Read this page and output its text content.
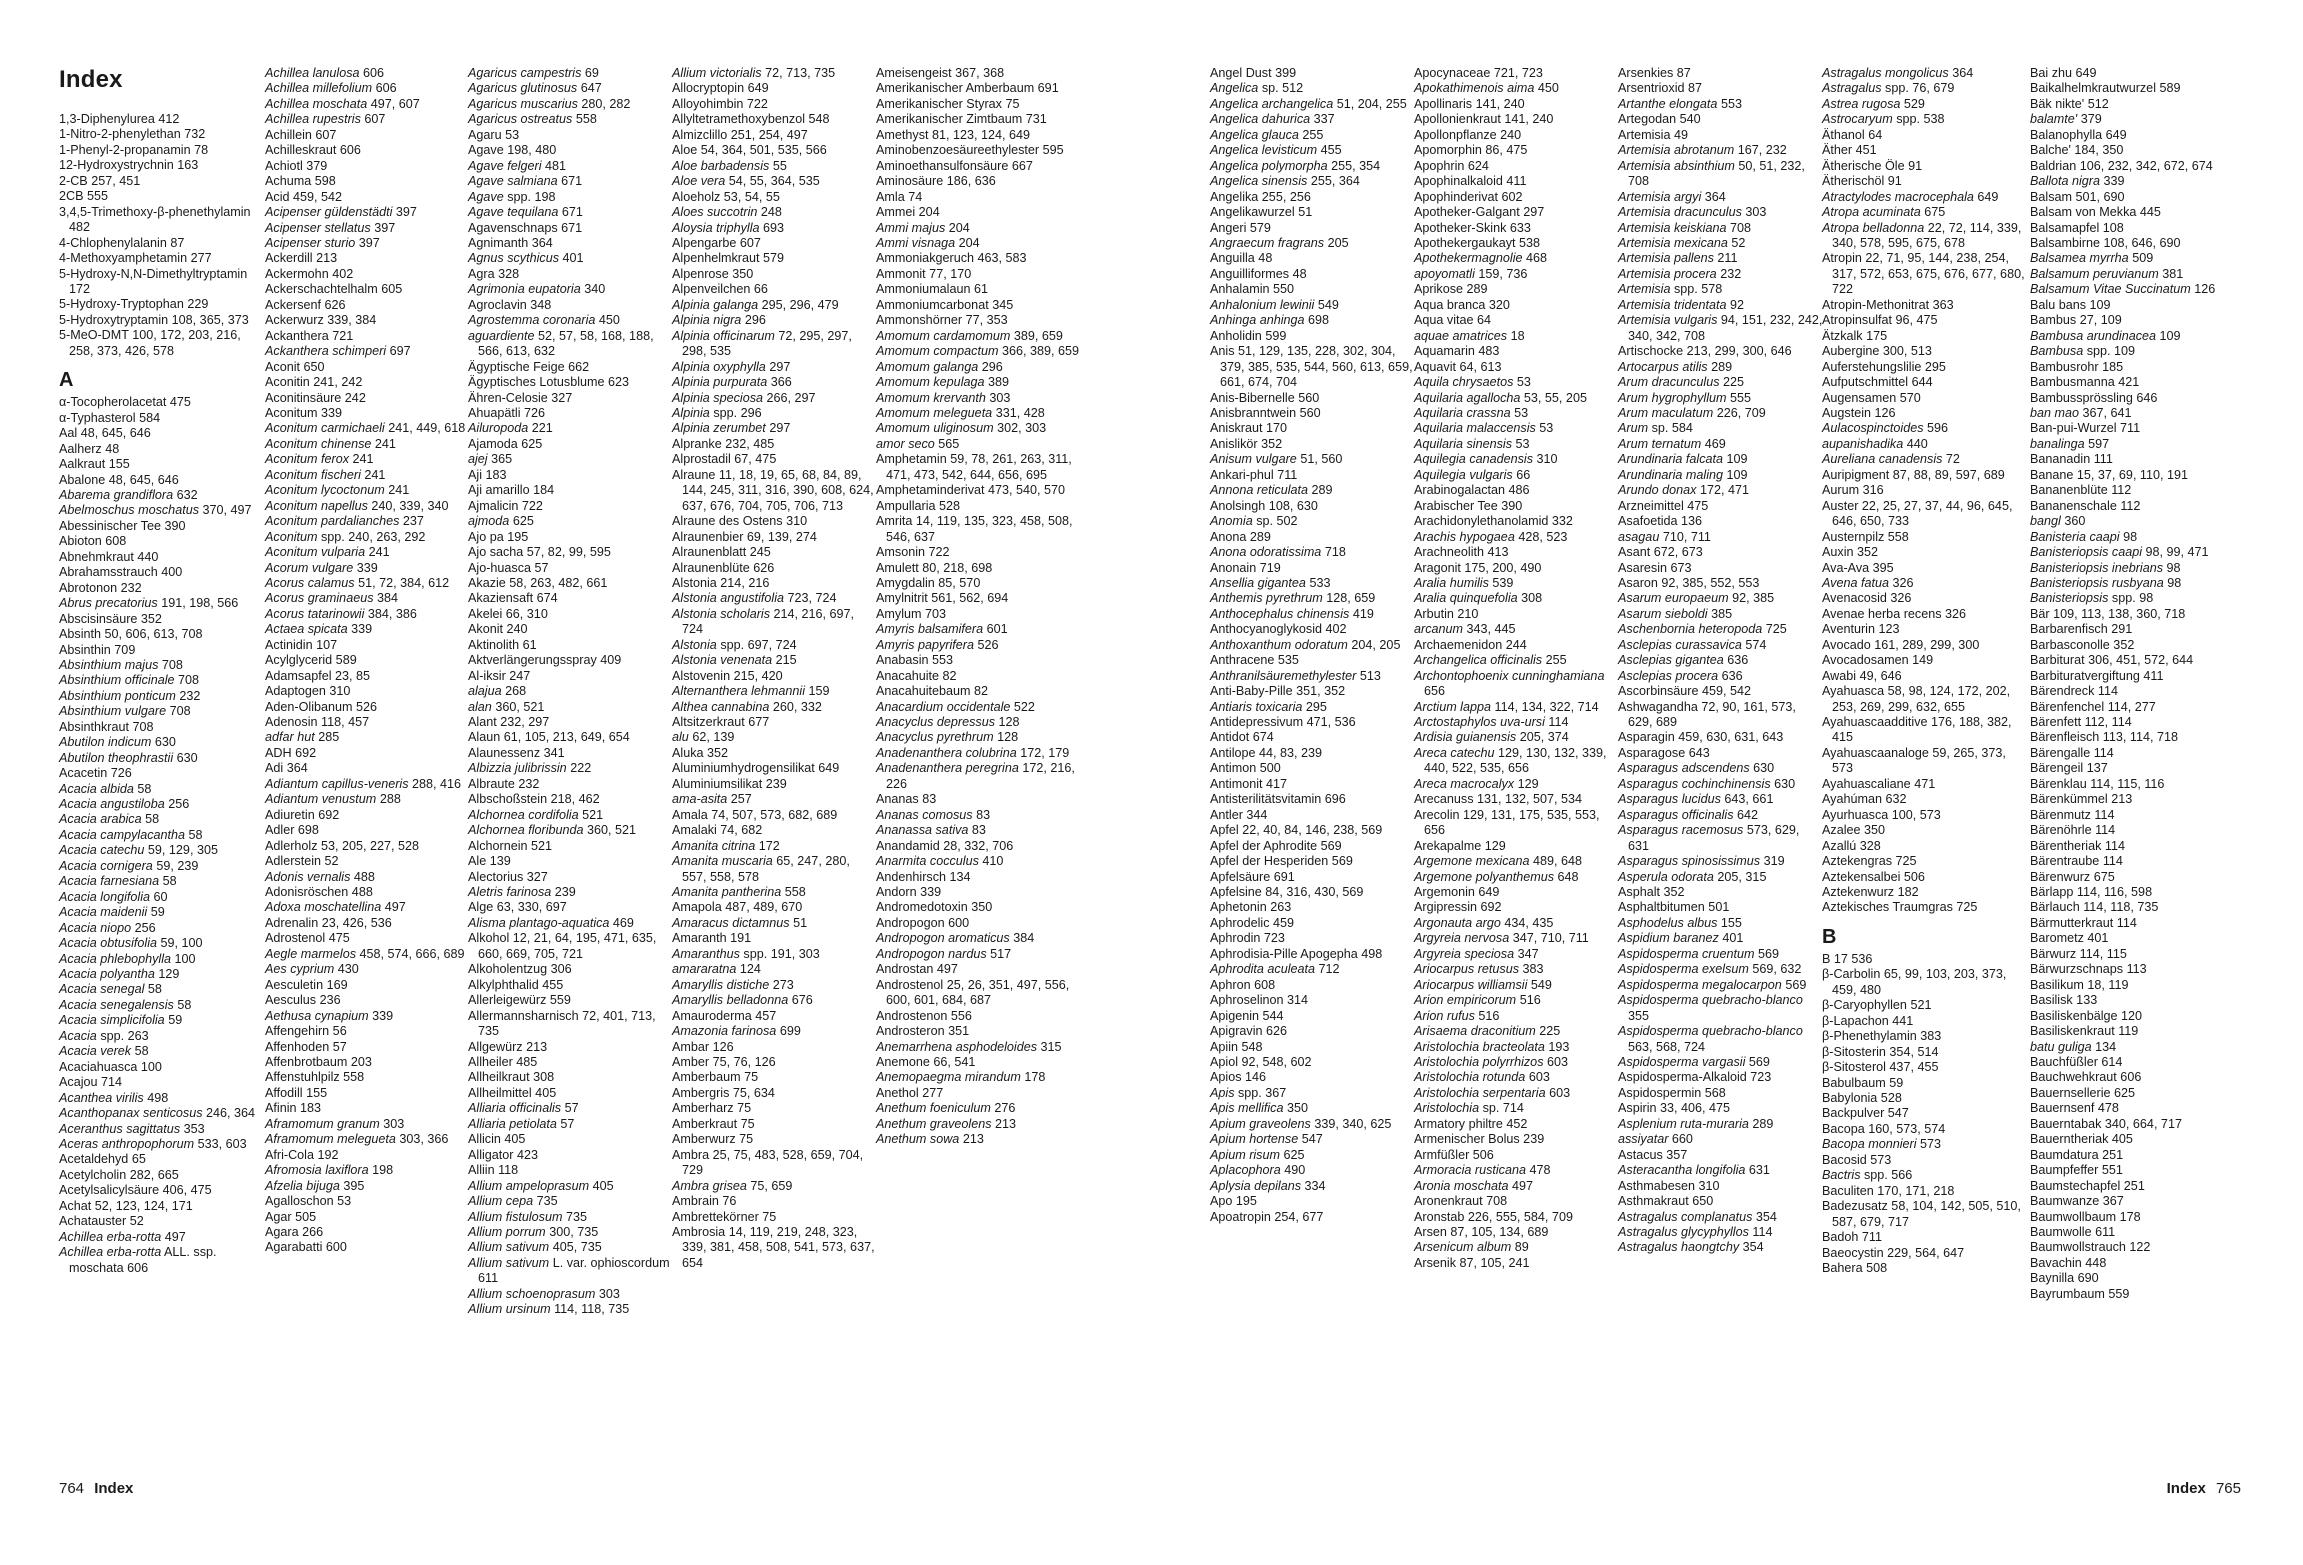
Index

1,3-Diphenylurea 412

1-Nitro-2-phenylethan 732

1-Phenyl-2-propanamin 78

12-Hydroxystrychnin 163

2-CB 257, 451

2CB 555

3,4,5-Trimethoxy-β-phenethylamin 482

4-Chlophenylalanin 87

4-Methoxyamphetamin 277

5-Hydroxy-N,N-Dimethyltryptamin 172

5-Hydroxy-Tryptophan 229

5-Hydroxytryptamin 108, 365, 373

5-MeO-DMT 100, 172, 203, 216, 258, 373, 426, 578

A

α-Tocopherolacetat 475

α-Typhasterol 584

Aal 48, 645, 646

Aalherz 48

Aalkraut 155

Abalone 48, 645, 646

Abarema grandiflora 632

Abelmoschus moschatus 370, 497

Abessinischer Tee 390

Abioton 608

Abnehmkraut 440

Abrahamsstrauch 400

Abrotonon 232

Abrus precatorius 191, 198, 566

Abscisinsäure 352

Absinth 50, 606, 613, 708

Absinthin 709

Absinthium majus 708

Absinthium officinale 708

Absinthium ponticum 232

Absinthium vulgare 708

Absinthkraut 708

Abutilon indicum 630

Abutilon theophrastii 630

Acacetin 726

Acacia albida 58

Acacia angustiloba 256

Acacia arabica 58

Acacia campylacantha 58

Acacia catechu 59, 129, 305

Acacia cornigera 59, 239

Acacia farnesiana 58

Acacia longifolia 60

Acacia maidenii 59

Acacia niopo 256

Acacia obtusifolia 59, 100

Acacia phlebophylla 100

Acacia polyantha 129

Acacia senegal 58

Acacia senegalensis 58

Acacia simplicifolia 59

Acacia spp. 263

Acacia verek 58

Acaciahuasca 100

Acajou 714

Acanthea virilis 498

Acanthopanax senticosus 246, 364

Aceranthus sagittatus 353

Aceras anthropophorum 533, 603

Acetaldehyd 65

Acetylcholin 282, 665

Acetylsalicylsäure 406, 475

Achat 52, 123, 124, 171

Achatauster 52

Achillea erba-rotta 497

Achillea erba-rotta ALL. ssp. moschata 606

Achillea lanulosa 606

Achillea millefolium 606

Achillea moschata 497, 607

Achillea rupestris 607

Achillein 607

Achilleskraut 606

Achiotl 379

Achuma 598

Acid 459, 542

Acipenser güldenstädti 397

Acipenser stellatus 397

Acipenser sturio 397

Ackerdill 213

Ackermohn 402

Ackerschachtelhalm 605

Ackersenf 626

Ackerwurz 339, 384

Ackanthera 721

Ackanthera schimperi 697

Aconit 650

Aconitin 241, 242

Aconitinsäure 242

Aconitum 339

Aconitum carmichaeli 241, 449, 618

Aconitum chinense 241

Aconitum ferox 241

Aconitum fischeri 241

Aconitum lycoctonum 241

Aconitum napellus 240, 339, 340

Aconitum pardalianches 237

Aconitum spp. 240, 263, 292

Aconitum vulparia 241

Acorum vulgare 339

Acorus calamus 51, 72, 384, 612

Acorus graminaeus 384

Acorus tatarinowii 384, 386

Actaea spicata 339

Actinidin 107

Acylglycerid 589

Adamsapfel 23, 85

Adaptogen 310

Aden-Olibanum 526

Adenosin 118, 457

adfar hut 285

ADH 692

Adi 364

Adiantum capillus-veneris 288, 416

Adiantum venustum 288

Adiuretin 692

Adler 698

Adlerholz 53, 205, 227, 528

Adlerstein 52

Adonis vernalis 488

Adonisröschen 488

Adoxa moschatellina 497

Adrenalin 23, 426, 536

Adrostenol 475

Aegle marmelos 458, 574, 666, 689

Aes cyprium 430

Aesculetin 169

Aesculus 236

Aethusa cynapium 339

Affengehirn 56

Affenhoden 57

Affenbrotbaum 203

Affenstuhlpilz 558

Affodill 155

Afinin 183

Aframomum granum 303

Aframomum melegueta 303, 366

Afri-Cola 192

Afromosia laxiflora 198

Afzelia bijuga 395

Agalloschon 53

Agar 505

Agara 266

Agarabatti 600

Agaricus campestris 69

Agaricus glutinosus 647

Agaricus muscarius 280, 282

Agaricus ostreatus 558

Agaru 53

Agave 198, 480

Agave felgeri 481

Agave salmiana 671

Agave spp. 198

Agave tequilana 671

Agavenschnaps 671

Agnimanth 364

Agnus scythicus 401

Agra 328

Agrimonia eupatoria 340

Agroclavin 348

Agrostemma coronaria 450

aguardiente 52, 57, 58, 168, 188, 566, 613, 632

Ägyptische Feige 662

Ägyptisches Lotusblume 623

Ähren-Celosie 327

Ahuapätli 726

Ailuropoda 221

Ajamoda 625

ajej 365

Aji 183

Aji amarillo 184

Ajmalicin 722

ajmoda 625

Ajo pa 195

Ajo sacha 57, 82, 99, 595

Ajo-huasca 57

Akazie 58, 263, 482, 661

Akaziensaft 674

Akelei 66, 310

Akonit 240

Aktinolith 61

Aktverlängerungsspray 409

Al-iksir 247

alajua 268

alan 360, 521

Alant 232, 297

Alaun 61, 105, 213, 649, 654

Alaunessenz 341

Albizzia julibrissin 222

Albraute 232

Albschoßstein 218, 462

Alchornea cordifolia 521

Alchornea floribunda 360, 521

Alchornein 521

Ale 139

Alectorius 327

Aletris farinosa 239

Alge 63, 330, 697

Alisma plantago-aquatica 469

Alkohol 12, 21, 64, 195, 471, 635, 660, 669, 705, 721

Alkoholentzug 306

Alkylphthalid 455

Allerleigewürz 559

Allermannsharnisch 72, 401, 713, 735

Allgewürz 213

Allheiler 485

Allheilkraut 308

Allheilmittel 405

Alliaria officinalis 57

Alliaria petiolata 57

Allicin 405

Alligator 423

Alliin 118

Allium ampeloprasum 405

Allium cepa 735

Allium fistulosum 735

Allium porrum 300, 735

Allium sativum 405, 735

Allium sativum L. var. ophioscordum 611

Allium schoenoprasum 303

Allium ursinum 114, 118, 735

Allium victorialis 72, 713, 735

Allocryptopin 649

Alloyohimbin 722

Allyltetramethoxybenzol 548

Almizclillo 251, 254, 497

Aloe 54, 364, 501, 535, 566

Aloe barbadensis 55

Aloe vera 54, 55, 364, 535

Aloeholz 53, 54, 55

Aloes succotrin 248

Aloysia triphylla 693

Alpengarbe 607

Alpenhelmkraut 579

Alpenrose 350

Alpenveilchen 66

Alpinia galanga 295, 296, 479

Alpinia nigra 296

Alpinia officinarum 72, 295, 297, 298, 535

Alpinia oxyphylla 297

Alpinia purpurata 366

Alpinia speciosa 266, 297

Alpinia spp. 296

Alpinia zerumbet 297

Alpranke 232, 485

Alprostadil 67, 475

Alraune 11, 18, 19, 65, 68, 84, 89, 144, 245, 311, 316, 390, 608, 624, 637, 676, 704, 705, 706, 713

Alraune des Ostens 310

Alraunenbier 69, 139, 274

Alraunenblatt 245

Alraunenblüte 626

Alstonia 214, 216

Alstonia angustifolia 723, 724

Alstonia scholaris 214, 216, 697, 724

Alstonia spp. 697, 724

Alstonia venenata 215

Alstovenin 215, 420

Alternanthera lehmannii 159

Althea cannabina 260, 332

Altsitzerkraut 677

alu 62, 139

Aluka 352

Aluminiumhydrogensilikat 649

Aluminiumsilikat 239

ama-asita 257

Amala 74, 507, 573, 682, 689

Amalaki 74, 682

Amanita citrina 172

Amanita muscaria 65, 247, 280, 557, 558, 578

Amanita pantherina 558

Amapola 487, 489, 670

Amaracus dictamnus 51

Amaranth 191

Amaranthus spp. 191, 303

amararatna 124

Amaryllis distiche 273

Amaryllis belladonna 676

Amauroderma 457

Amazonia farinosa 699

Ambar 126

Amber 75, 76, 126

Amberbaum 75

Ambergris 75, 634

Amberharz 75

Amberkraut 75

Amberwurz 75

Ambra 25, 75, 483, 528, 659, 704, 729

Ambra grisea 75, 659

Ambrain 76

Ambrettekörner 75

Ambrosia 14, 119, 219, 248, 323, 339, 381, 458, 508, 541, 573, 637, 654

Ameisengeist 367, 368

Amerikanischer Amberbaum 691

Amerikanischer Styrax 75

Amerikanischer Zimtbaum 731

Amethyst 81, 123, 124, 649

Aminobenzoesäureethylester 595

Aminoethansulfonsäure 667

Aminosäure 186, 636

Amla 74

Ammei 204

Ammi majus 204

Ammi visnaga 204

Ammoniakgeruch 463, 583

Ammonit 77, 170

Ammoniumalaun 61

Ammoniumcarbonat 345

Ammonshörner 77, 353

Amomum cardamomum 389, 659

Amomum compactum 366, 389, 659

Amomum galanga 296

Amomum kepulaga 389

Amomum krervanth 303

Amomum melegueta 331, 428

Amomum uliginosum 302, 303

amor seco 565

Amphetamin 59, 78, 261, 263, 311, 471, 473, 542, 644, 656, 695

Amphetaminderivat 473, 540, 570

Ampullaria 528

Amrita 14, 119, 135, 323, 458, 508, 546, 637

Amsonin 722

Amulett 80, 218, 698

Amygdalin 85, 570

Amylnitrit 561, 562, 694

Amylum 703

Amyris balsamifera 601

Amyris papyrifera 526

Anabasin 553

Anacahuite 82

Anacahuitebaum 82

Anacardium occidentale 522

Anacyclus depressus 128

Anacyclus pyrethrum 128

Anadenanthera colubrina 172, 179

Anadenanthera peregrina 172, 216, 226

Ananas 83

Ananas comosus 83

Ananassa sativa 83

Anandamid 28, 332, 706

Anarmita cocculus 410

Andenhirsch 134

Andorn 339

Andromedotoxin 350

Andropogon 600

Andropogon aromaticus 384

Andropogon nardus 517

Androstan 497

Androstenol 25, 26, 351, 497, 556, 600, 601, 684, 687

Androstenon 556

Androsteron 351

Anemarrhena asphodeloides 315

Anemone 66, 541

Anemopaegma mirandum 178

Anethol 277

Anethum foeniculum 276

Anethum graveolens 213

Anethum sowa 213

Angel Dust 399

Angelica sp. 512

Angelica archangelica 51, 204, 255

Angelica dahurica 337

Angelica glauca 255

Angelica levisticum 455

Angelica polymorpha 255, 354

Angelica sinensis 255, 364

Angelika 255, 256

Angelikawurzel 51

Angeri 579

Angraecum fragrans 205

Anguilla 48

Anguilliformes 48

Anhalamin 550

Anhalonium lewinii 549

Anhinga anhinga 698

Anholidin 599

Anis 51, 129, 135, 228, 302, 304, 379, 385, 535, 544, 560, 613, 659, 661, 674, 704

Anis-Bibernelle 560

Anisbranntwein 560

Aniskraut 170

Anislikör 352

Anisum vulgare 51, 560

Ankari-phul 711

Annona reticulata 289

Anolsingh 108, 630

Anomia sp. 502

Anona 289

Anona odoratissima 718

Anonain 719

Ansellia gigantea 533

Anthemis pyrethrum 128, 659

Anthocephalus chinensis 419

Anthocyanoglykosid 402

Anthoxanthum odoratum 204, 205

Anthracene 535

Anthranilsäuremethylester 513

Anti-Baby-Pille 351, 352

Antiaris toxicaria 295

Antidepressivum 471, 536

Antidot 674

Antilope 44, 83, 239

Antimon 500

Antimonit 417

Antisterilitätsvitamin 696

Antler 344

Apfel 22, 40, 84, 146, 238, 569

Apfel der Aphrodite 569

Apfel der Hesperiden 569

Apfelsäure 691

Apfelsine 84, 316, 430, 569

Aphetonin 263

Aphrodelic 459

Aphrodin 723

Aphrodisia-Pille Apogepha 498

Aphrodita aculeata 712

Aphron 608

Aphroselinon 314

Apigenin 544

Apigravin 626

Apiin 548

Apiol 92, 548, 602

Apios 146

Apis spp. 367

Apis mellifica 350

Apium graveolens 339, 340, 625

Apium hortense 547

Apium risum 625

Aplacophora 490

Aplysia depilans 334

Apo 195

Apoatropin 254, 677

Apocynaceae 721, 723

Apokathimenois aima 450

Apollinaris 141, 240

Apollonienkraut 141, 240

Apollonpflanze 240

Apomorphin 86, 475

Apophrin 624

Apophinalkaloid 411

Apophinderivat 602

Apotheker-Galgant 297

Apotheker-Skink 633

Apothekergaukayt 538

Apothekermagnolie 468

apoyomatli 159, 736

Aprikose 289

Aqua branca 320

Aqua vitae 64

aquae amatrices 18

Aquamarin 483

Aquavit 64, 613

Aquila chrysaetos 53

Aquilaria agallocha 53, 55, 205

Aquilaria crassna 53

Aquilaria malaccensis 53

Aquilaria sinensis 53

Aquilegia canadensis 310

Aquilegia vulgaris 66

Arabinogalactan 486

Arabischer Tee 390

Arachidonylethanolamid 332

Arachis hypogaea 428, 523

Arachneolith 413

Aragonit 175, 200, 490

Aralia humilis 539

Aralia quinquefolia 308

Arbutin 210

arcanum 343, 445

Archaemenidon 244

Archangelica officinalis 255

Archontophoenix cunninghamiana 656

Arctium lappa 114, 134, 322, 714

Arctostaphylos uva-ursi 114

Ardisia guianensis 205, 374

Areca catechu 129, 130, 132, 339, 440, 522, 535, 656

Areca macrocalyx 129

Arecanuss 131, 132, 507, 534

Arecolin 129, 131, 175, 535, 553, 656

Arekapalme 129

Argemone mexicana 489, 648

Argemone polyanthemus 648

Argemonin 649

Argipressin 692

Argonauta argo 434, 435

Argyreia nervosa 347, 710, 711

Argyreia speciosa 347

Ariocarpus retusus 383

Ariocarpus williamsii 549

Arion empiricorum 516

Arion rufus 516

Arisaema draconitium 225

Aristolochia bracteolata 193

Aristolochia polyrrhizos 603

Aristolochia rotunda 603

Aristolochia serpentaria 603

Aristolochia sp. 714

Armatory philtre 452

Armenischer Bolus 239

Armfüßler 506

Armoracia rusticana 478

Aronia moschata 497

Aronenkraut 708

Aronstab 226, 555, 584, 709

Arsen 87, 105, 134, 689

Arsenicum album 89

Arsenik 87, 105, 241

Arsenkies 87

Arsentrioxid 87

Artanthe elongata 553

Artegodan 540

Artemisia 49

Artemisia abrotanum 167, 232

Artemisia absinthium 50, 51, 232, 708

Artemisia argyi 364

Artemisia dracunculus 303

Artemisia keiskiana 708

Artemisia mexicana 52

Artemisia pallens 211

Artemisia procera 232

Artemisia spp. 578

Artemisia tridentata 92

Artemisia vulgaris 94, 151, 232, 242, 340, 342, 708

Artischocke 213, 299, 300, 646

Artocarpus atilis 289

Arum dracunculus 225

Arum hygrophyllum 555

Arum maculatum 226, 709

Arum sp. 584

Arum ternatum 469

Arundinaria falcata 109

Arundinaria maling 109

Arundo donax 172, 471

Arzneimittel 475

Asafoetida 136

asagau 710, 711

Asant 672, 673

Asaresin 673

Asaron 92, 385, 552, 553

Asarum europaeum 92, 385

Asarum sieboldi 385

Aschenbornia heteropoda 725

Asclepias curassavica 574

Asclepias gigantea 636

Asclepias procera 636

Ascorbinsäure 459, 542

Ashwagandha 72, 90, 161, 573, 629, 689

Asparagin 459, 630, 631, 643

Asparagose 643

Asparagus adscendens 630

Asparagus cochinchinensis 630

Asparagus lucidus 643, 661

Asparagus officinalis 642

Asparagus racemosus 573, 629, 631

Asparagus spinosissimus 319

Asperula odorata 205, 315

Asphalt 352

Asphaltbitumen 501

Asphodelus albus 155

Aspidium baranez 401

Aspidosperma cruentum 569

Aspidosperma exelsum 569, 632

Aspidosperma megalocarpon 569

Aspidosperma quebracho-blanco 355

Aspidosperma quebracho-blanco 563, 568, 724

Aspidosperma vargasii 569

Aspidosperma-Alkaloid 723

Aspidospermin 568

Aspirin 33, 406, 475

Asplenium ruta-muraria 289

assiyatar 660

Astacus 357

Asteracantha longifolia 631

Asthmabesen 310

Asthmakraut 650

Astragalus complanatus 354

Astragalus glycyphyllos 114

Astragalus haongtchy 354

Astragalus mongolicus 364

Astragalus spp. 76, 679

Astrea rugosa 529

Astrocaryum spp. 538

Äthanol 64

Äther 451

Ätherische Öle 91

Ätherischöl 91

Atractylodes macrocephala 649

Atropa acuminata 675

Atropa belladonna 22, 72, 114, 339, 340, 578, 595, 675, 678

Atropin 22, 71, 95, 144, 238, 254, 317, 572, 653, 675, 676, 677, 680, 722

Atropin-Methonitrat 363

Atropinsulfat 96, 475

Ätzkalk 175

Aubergine 300, 513

Auferstehungslilie 295

Aufputschmittel 644

Augensamen 570

Augstein 126

Aulacospinctoides 596

aupanishadika 440

Aureliana canadensis 72

Auripigment 87, 88, 89, 597, 689

Aurum 316

Auster 22, 25, 27, 37, 44, 96, 645, 646, 650, 733

Austernpilz 558

Auxin 352

Ava-Ava 395

Avena fatua 326

Avenacosid 326

Avenae herba recens 326

Aventurin 123

Avocado 161, 289, 299, 300

Avocadosamen 149

Awabi 49, 646

Ayahuasca 58, 98, 124, 172, 202, 253, 269, 299, 632, 655

Ayahuascaadditive 176, 188, 382, 415

Ayahuascaanaloge 59, 265, 373, 573

Ayahuascaliane 471

Ayahúman 632

Ayurhuasca 100, 573

Azalee 350

Azallú 328

Aztekengras 725

Aztekensalbei 506

Aztekenwurz 182

Aztekisches Traumgras 725

B

B 17 536

β-Carbolin 65, 99, 103, 203, 373, 459, 480

β-Caryophyllen 521

β-Lapachon 441

β-Phenethylamin 383

β-Sitosterin 354, 514

β-Sitosterol 437, 455

Babulbaum 59

Babylonia 528

Backpulver 547

Bacopa 160, 573, 574

Bacopa monnieri 573

Bacosid 573

Bactris spp. 566

Baculiten 170, 171, 218

Badezusatz 58, 104, 142, 505, 510, 587, 679, 717

Badoh 711

Baeocystin 229, 564, 647

Bahera 508

Bai zhu 649

Baikalhelmkrautwurzel 589

Bäk nikte' 512

balamte' 379

Balanophylla 649

Balche' 184, 350

Baldrian 106, 232, 342, 672, 674

Ballota nigra 339

Balsam 501, 690

Balsam von Mekka 445

Balsamapfel 108

Balsambirne 108, 646, 690

Balsamea myrrha 509

Balsamum peruvianum 381

Balsamum Vitae Succinatum 126

Balu bans 109

Bambus 27, 109

Bambusa arundinacea 109

Bambusa spp. 109

Bambusrohr 185

Bambusmanna 421

Bambussprössling 646

ban mao 367, 641

Ban-pui-Wurzel 711

banalinga 597

Bananadin 111

Banane 15, 37, 69, 110, 191

Bananenblüte 112

Bananenschale 112

bangl 360

Banisteria caapi 98

Banisteriopsis caapi 98, 99, 471

Banisteriopsis inebrians 98

Banisteriopsis rusbyana 98

Banisteriopsis spp. 98

Bär 109, 113, 138, 360, 718

Barbarenfisch 291

Barbasconolle 352

Barbiturat 306, 451, 572, 644

Barbituratvergiftung 411

Bärendreck 114

Bärenfenchel 114, 277

Bärenfett 112, 114

Bärenfleisch 113, 114, 718

Bärengalle 114

Bärengeil 137

Bärenklau 114, 115, 116

Bärenkümmel 213

Bärenmutz 114

Bärenöhrle 114

Bärentheriak 114

Bärentraube 114

Bärenwurz 675

Bärlapp 114, 116, 598

Bärlauch 114, 118, 735

Bärmutterkraut 114

Barometz 401

Bärwurz 114, 115

Bärwurzschnaps 113

Basilikum 18, 119

Basilisk 133

Basiliskenbälge 120

Basiliskenkraut 119

batu guliga 134

Bauchfüßler 614

Bauchwehkraut 606

Bauernsellerie 625

Bauernsenf 478

Bauerntabak 340, 664, 717

Bauerntheriak 405

Baumdatura 251

Baumpfeffer 551

Baumstechapfel 251

Baumwanze 367

Baumwollbaum 178

Baumwolle 611

Baumwollstrauch 122

Bavachin 448

Baynilla 690

Bayrumbaum 559

764 Index	Index 765
